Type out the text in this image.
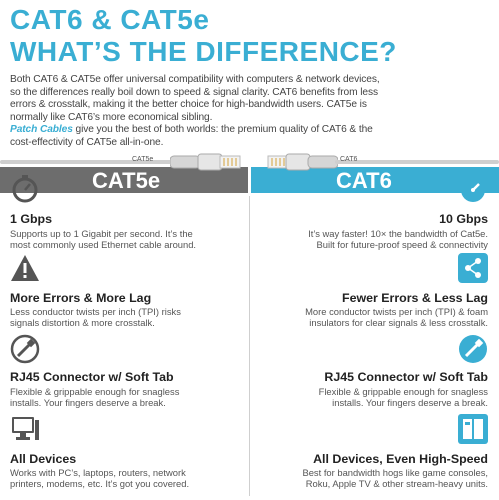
CAT6 & CAT5e
WHAT’S THE DIFFERENCE?
Both CAT6 & CAT5e offer universal compatibility with computers & network devices,
so the differences really boil down to speed & signal clarity. CAT6 benefits from less
errors & crosstalk, making it the better choice for high-bandwidth users. CAT5e is
normally like CAT6’s more economical sibling.
Patch Cables give you the best of both worlds: the premium quality of CAT6 & the
cost-effectivity of CAT5e all-in-one.
CAT5e
CAT5e
CAT6
CAT6
1 Gbps
Supports up to 1 Gigabit per second. It’s the
most commonly used Ethernet cable around.
More Errors & More Lag
Less conductor twists per inch (TPI) risks
signals distortion & more crosstalk.
RJ45 Connector w/ Soft Tab
Flexible & grippable enough for snagless
installs. Your fingers deserve a break.
All Devices
Works with PC’s, laptops, routers, network
printers, modems, etc. It’s got you covered.
10 Gbps
It’s way faster! 10× the bandwidth of Cat5e.
Built for future-proof speed & connectivity
Fewer Errors & Less Lag
More conductor twists per inch (TPI) & foam
insulators for clear signals & less crosstalk.
RJ45 Connector w/ Soft Tab
Flexible & grippable enough for snagless
installs. Your fingers deserve a break.
All Devices, Even High-Speed
Best for bandwidth hogs like game consoles,
Roku, Apple TV & other stream-heavy units.
